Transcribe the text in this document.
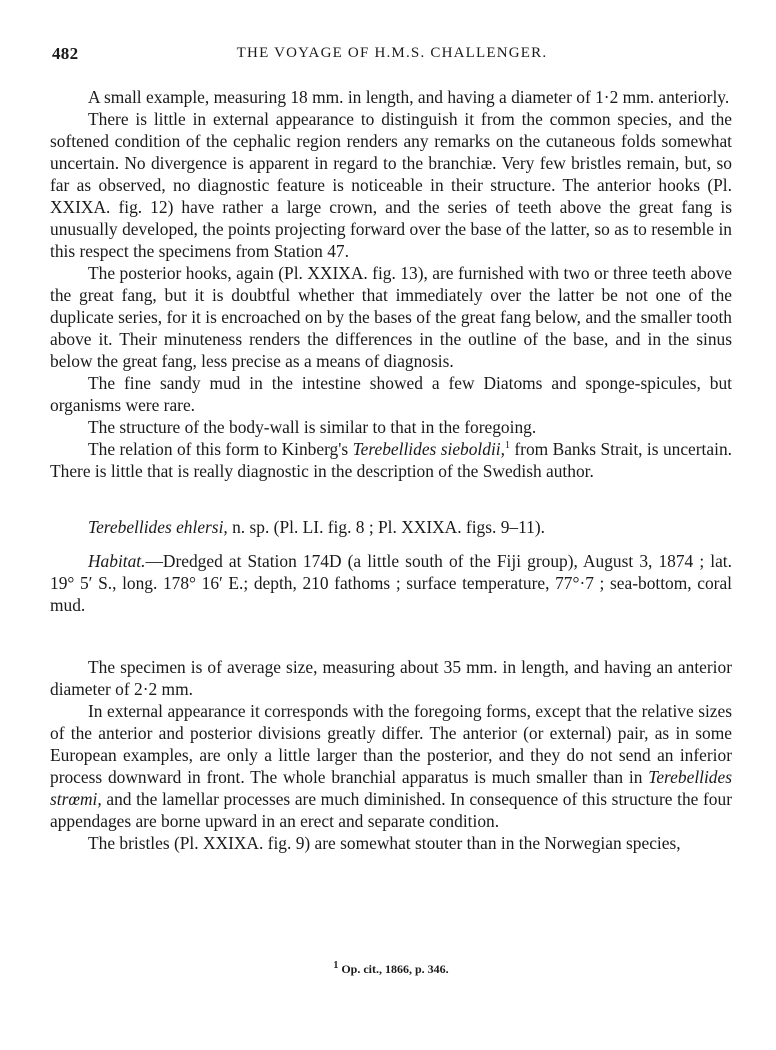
482	THE VOYAGE OF H.M.S. CHALLENGER.

A small example, measuring 18 mm. in length, and having a diameter of 1·2 mm. anteriorly.

There is little in external appearance to distinguish it from the common species, and the softened condition of the cephalic region renders any remarks on the cutaneous folds somewhat uncertain. No divergence is apparent in regard to the branchiæ. Very few bristles remain, but, so far as observed, no diagnostic feature is noticeable in their structure. The anterior hooks (Pl. XXIXA. fig. 12) have rather a large crown, and the series of teeth above the great fang is unusually developed, the points projecting forward over the base of the latter, so as to resemble in this respect the specimens from Station 47.

The posterior hooks, again (Pl. XXIXA. fig. 13), are furnished with two or three teeth above the great fang, but it is doubtful whether that immediately over the latter be not one of the duplicate series, for it is encroached on by the bases of the great fang below, and the smaller tooth above it. Their minuteness renders the differences in the outline of the base, and in the sinus below the great fang, less precise as a means of diagnosis.

The fine sandy mud in the intestine showed a few Diatoms and sponge-spicules, but organisms were rare.

The structure of the body-wall is similar to that in the foregoing.

The relation of this form to Kinberg's Terebellides sieboldii,$^1$ from Banks Strait, is uncertain. There is little that is really diagnostic in the description of the Swedish author.

Terebellides ehlersi, n. sp. (Pl. LI. fig. 8 ; Pl. XXIXA. figs. 9–11).

Habitat.—Dredged at Station 174D (a little south of the Fiji group), August 3, 1874 ; lat. 19° 5′ S., long. 178° 16′ E.; depth, 210 fathoms ; surface temperature, 77°·7 ; sea-bottom, coral mud.

The specimen is of average size, measuring about 35 mm. in length, and having an anterior diameter of 2·2 mm.

In external appearance it corresponds with the foregoing forms, except that the relative sizes of the anterior and posterior divisions greatly differ. The anterior (or external) pair, as in some European examples, are only a little larger than the posterior, and they do not send an inferior process downward in front. The whole branchial apparatus is much smaller than in Terebellides strœmi, and the lamellar processes are much diminished. In consequence of this structure the four appendages are borne upward in an erect and separate condition.

The bristles (Pl. XXIXA. fig. 9) are somewhat stouter than in the Norwegian species,

$^1$ Op. cit., 1866, p. 346.
